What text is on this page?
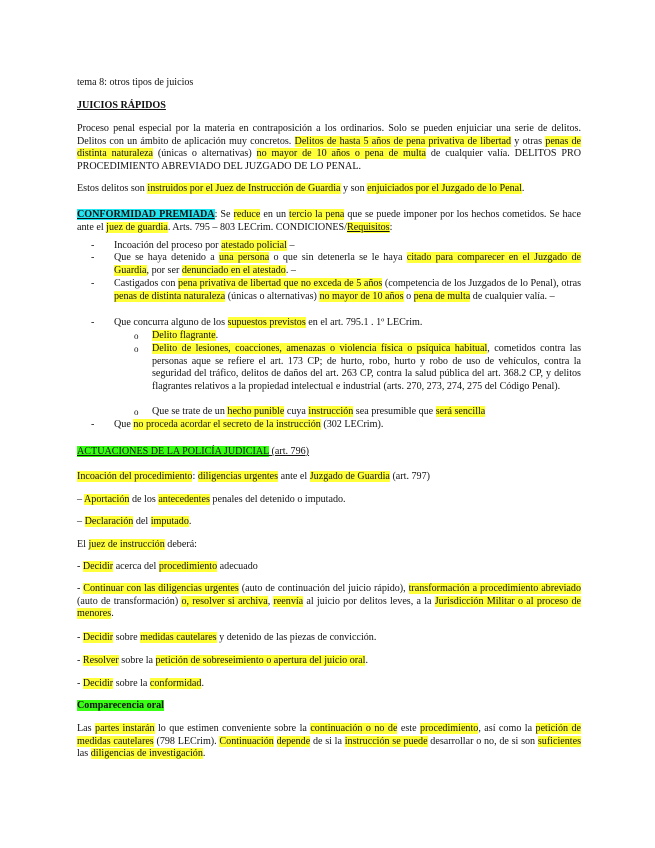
tema 8: otros tipos de juicios

JUICIOS RÁPIDOS

Proceso penal especial por la materia en contraposición a los ordinarios. Solo se pueden enjuiciar una serie de delitos. Delitos con un ámbito de aplicación muy concretos. Delitos de hasta 5 años de pena privativa de libertad y otras penas de distinta naturaleza (únicas o alternativas) no mayor de 10 años o pena de multa de cualquier valía. DELITOS PRO PROCEDIMIENTO ABREVIADO DEL JUZGADO DE LO PENAL.

Estos delitos son instruidos por el Juez de Instrucción de Guardia y son enjuiciados por el Juzgado de lo Penal.

CONFORMIDAD PREMIADA: Se reduce en un tercio la pena que se puede imponer por los hechos cometidos. Se hace ante el juez de guardia. Arts. 795 – 803 LECrim. CONDICIONES/Requisitos:

- Incoación del proceso por atestado policial –

- Que se haya detenido a una persona o que sin detenerla se le haya citado para comparecer en el Juzgado de Guardia, por ser denunciado en el atestado. –

- Castigados con pena privativa de libertad que no exceda de 5 años (competencia de los Juzgados de lo Penal), otras penas de distinta naturaleza (únicas o alternativas) no mayor de 10 años o pena de multa de cualquier valía. –

- Que concurra alguno de los supuestos previstos en el art. 795.1 . 1º LECrim.

o Delito flagrante.

o Delito de lesiones, coacciones, amenazas o violencia física o psíquica habitual, cometidos contra las personas aque se refiere el art. 173 CP; de hurto, robo, hurto y robo de uso de vehículos, contra la seguridad del tráfico, delitos de daños del art. 263 CP, contra la salud pública del art. 368.2 CP, y delitos flagrantes relativos a la propiedad intelectual e industrial (arts. 270, 273, 274, 275 del Código Penal).

o Que se trate de un hecho punible cuya instrucción sea presumible que será sencilla

- Que no proceda acordar el secreto de la instrucción (302 LECrim).

ACTUACIONES DE LA POLICÍA JUDICIAL (art. 796)

Incoación del procedimiento: diligencias urgentes ante el Juzgado de Guardia (art. 797)

– Aportación de los antecedentes penales del detenido o imputado.

– Declaración del imputado.

El juez de instrucción deberá:

- Decidir acerca del procedimiento adecuado

- Continuar con las diligencias urgentes (auto de continuación del juicio rápido), transformación a procedimiento abreviado (auto de transformación) o, resolver si archiva, reenvía al juicio por delitos leves, a la Jurisdicción Militar o al proceso de menores.

- Decidir sobre medidas cautelares y detenido de las piezas de convicción.

- Resolver sobre la petición de sobreseimiento o apertura del juicio oral.

- Decidir sobre la conformidad.

Comparecencia oral

Las partes instarán lo que estimen conveniente sobre la continuación o no de este procedimiento, así como la petición de medidas cautelares (798 LECrim). Continuación depende de si la instrucción se puede desarrollar o no, de si son suficientes las diligencias de investigación.
